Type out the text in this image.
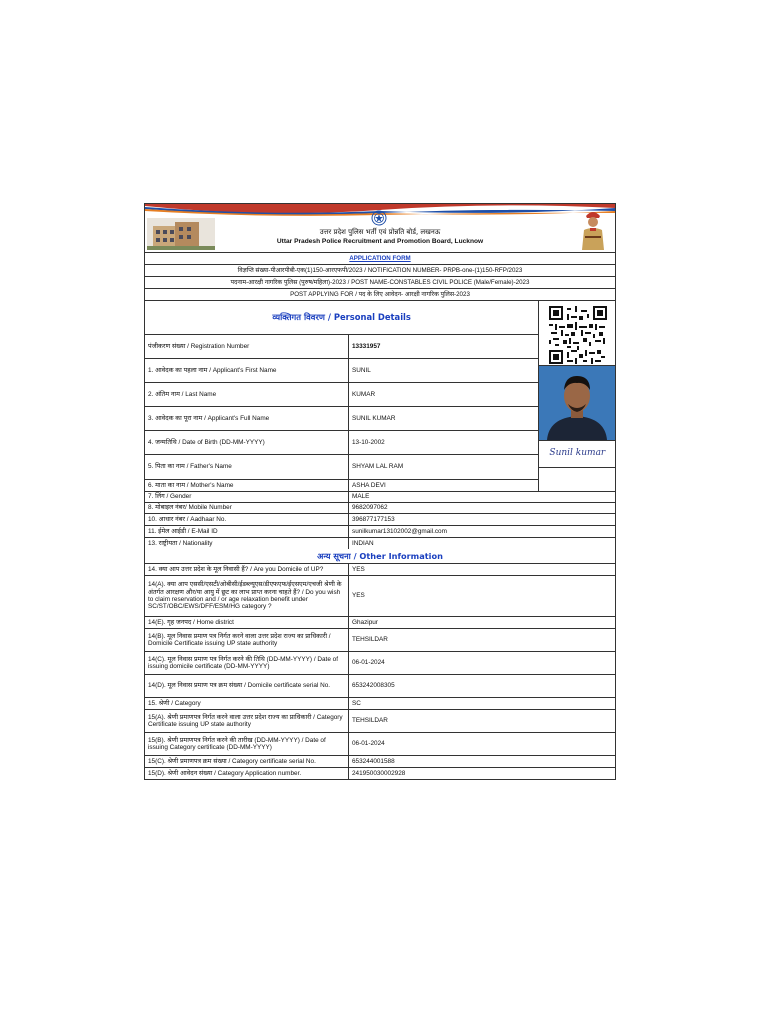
उत्तर प्रदेश पुलिस भर्ती एवं प्रोन्नति बोर्ड, लखनऊ
Uttar Pradesh Police Recruitment and Promotion Board, Lucknow
APPLICATION FORM
विज्ञप्ति संख्या-पीआरपीबी-एक(1)150-आरएफपी/2023 / NOTIFICATION NUMBER- PRPB-one-(1)150-RFP/2023
पदनाम-आरक्षी नागरिक पुलिस (पुरुष/महिला)-2023 / POST NAME-CONSTABLES CIVIL POLICE (Male/Female)-2023
POST APPLYING FOR / पद के लिए आवेदन- आरक्षी नागरिक पुलिस-2023
व्यक्तिगत विवरण / Personal Details
पंजीकरण संख्या / Registration Number	13331957
1. आवेदक का पहला नाम / Applicant's First Name	SUNIL
2. अंतिम नाम / Last Name	KUMAR
3. आवेदक का पूरा नाम / Applicant's Full Name	SUNIL KUMAR
4. जन्मतिथि / Date of Birth (DD-MM-YYYY)	13-10-2002
5. पिता का नाम / Father's Name	SHYAM LAL RAM
6. माता का नाम / Mother's Name	ASHA DEVI
Sunil kumar
7. लिंग / Gender	MALE
8. मोबाइल नंबर/ Mobile Number	9682097062
10. आधार नंबर / Aadhaar No.	396877177153
11. ईमेल आईडी / E-Mail ID	sunilkumar13102002@gmail.com
13. राष्ट्रीयता / Nationality	INDIAN
अन्य सूचना / Other Information
14. क्या आप उत्तर प्रदेश के मूल निवासी हैं? / Are you Domicile of UP?	YES
14(A). क्या आप एससी/एसटी/ओबीसी/ईडब्ल्यूएस/डीएफएफ/ईएसएम/एचजी श्रेणी के अंतर्गत आरक्षण और/या आयु में छूट का लाभ प्राप्त करना चाहते हैं? / Do you wish to claim reservation and / or age relaxation benefit under SC/ST/OBC/EWS/DFF/ESM/HG category ?
YES
14(E). गृह जनपद / Home district	Ghazipur
14(B). मूल निवास प्रमाण पत्र निर्गत करने वाला उत्तर प्रदेश राज्य का प्राधिकारी / Domicile Certificate issuing UP state authority
TEHSILDAR
14(C). मूल निवास प्रमाण पत्र निर्गत करने की तिथि (DD-MM-YYYY) / Date of issuing domicile certificate (DD-MM-YYYY)
06-01-2024
14(D). मूल निवास प्रमाण पत्र क्रम संख्या / Domicile certificate serial No.	653242008305
15. श्रेणी / Category	SC
15(A). श्रेणी प्रमाणपत्र निर्गत करने वाला उत्तर प्रदेश राज्य का प्राधिकारी / Category Certificate issuing UP state authority
TEHSILDAR
15(B). श्रेणी प्रमाणपत्र निर्गत करने की तारीख (DD-MM-YYYY) / Date of issuing Category certificate (DD-MM-YYYY)
06-01-2024
15(C). श्रेणी प्रमाणपत्र क्रम संख्या / Category certificate serial No.	653244001588
15(D). श्रेणी आवेदन संख्या / Category Application number.	241950030002928
